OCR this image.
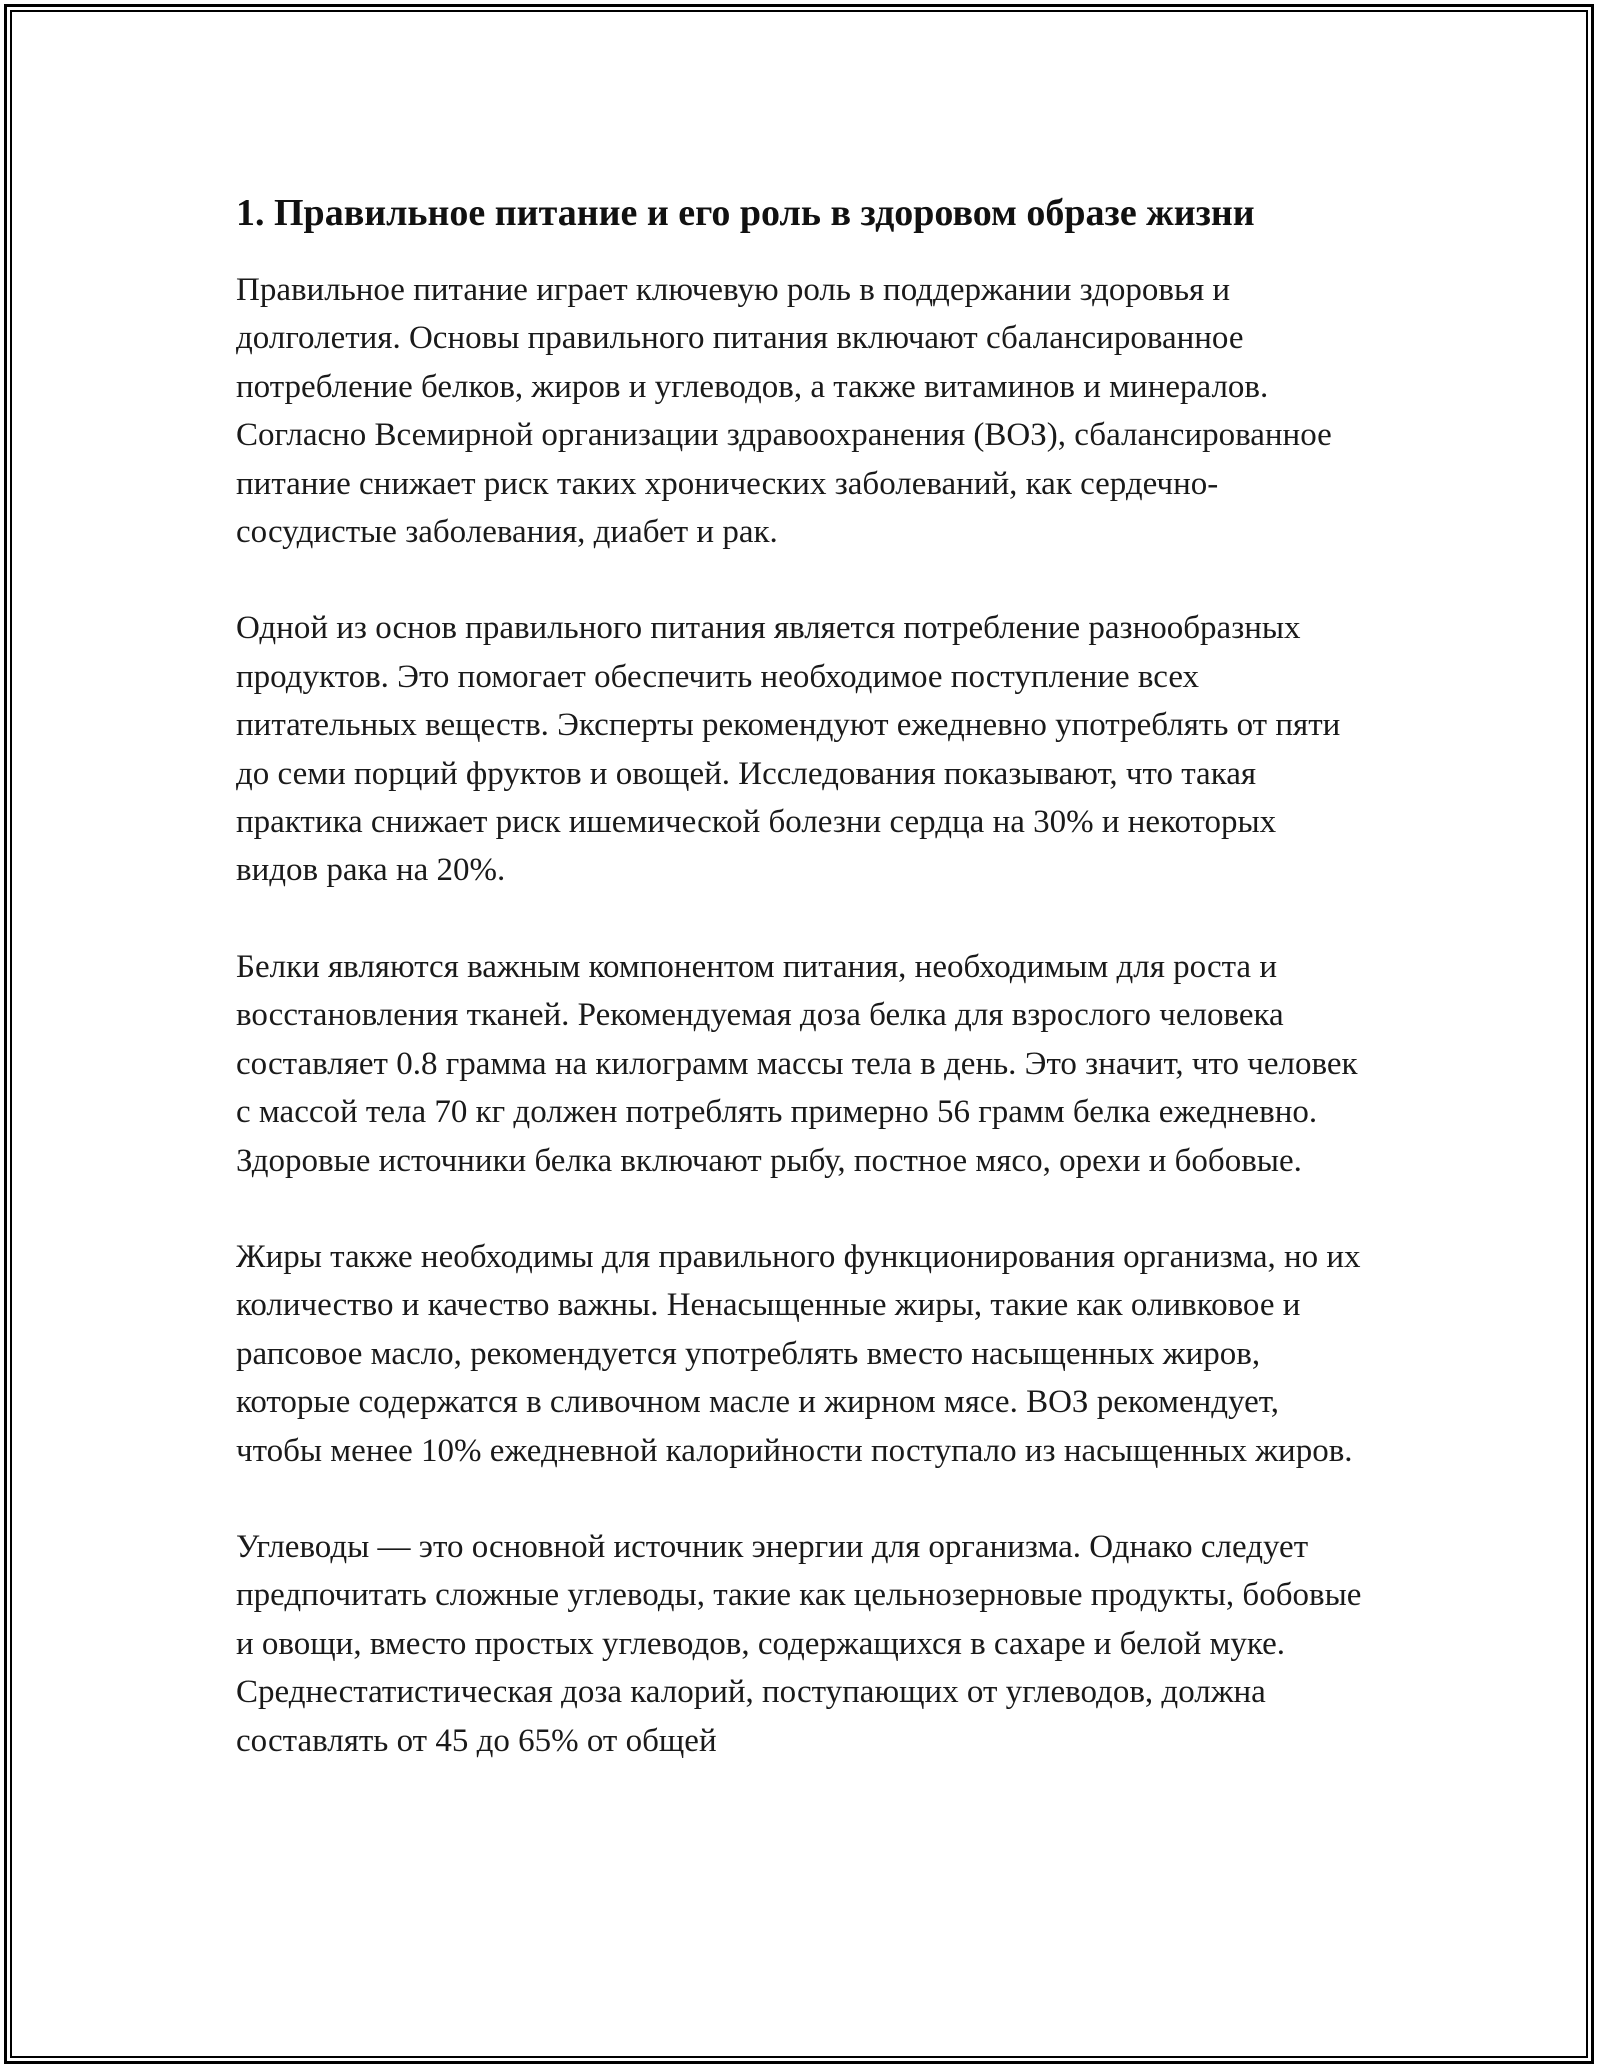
1. Правильное питание и его роль в здоровом образе жизни

Правильное питание играет ключевую роль в поддержании здоровья и долголетия. Основы правильного питания включают сбалансированное потребление белков, жиров и углеводов, а также витаминов и минералов. Согласно Всемирной организации здравоохранения (ВОЗ), сбалансированное питание снижает риск таких хронических заболеваний, как сердечно-сосудистые заболевания, диабет и рак.

Одной из основ правильного питания является потребление разнообразных продуктов. Это помогает обеспечить необходимое поступление всех питательных веществ. Эксперты рекомендуют ежедневно употреблять от пяти до семи порций фруктов и овощей. Исследования показывают, что такая практика снижает риск ишемической болезни сердца на 30% и некоторых видов рака на 20%.

Белки являются важным компонентом питания, необходимым для роста и восстановления тканей. Рекомендуемая доза белка для взрослого человека составляет 0.8 грамма на килограмм массы тела в день. Это значит, что человек с массой тела 70 кг должен потреблять примерно 56 грамм белка ежедневно. Здоровые источники белка включают рыбу, постное мясо, орехи и бобовые.

Жиры также необходимы для правильного функционирования организма, но их количество и качество важны. Ненасыщенные жиры, такие как оливковое и рапсовое масло, рекомендуется употреблять вместо насыщенных жиров, которые содержатся в сливочном масле и жирном мясе. ВОЗ рекомендует, чтобы менее 10% ежедневной калорийности поступало из насыщенных жиров.

Углеводы — это основной источник энергии для организма. Однако следует предпочитать сложные углеводы, такие как цельнозерновые продукты, бобовые и овощи, вместо простых углеводов, содержащихся в сахаре и белой муке. Среднестатистическая доза калорий, поступающих от углеводов, должна составлять от 45 до 65% от общей
